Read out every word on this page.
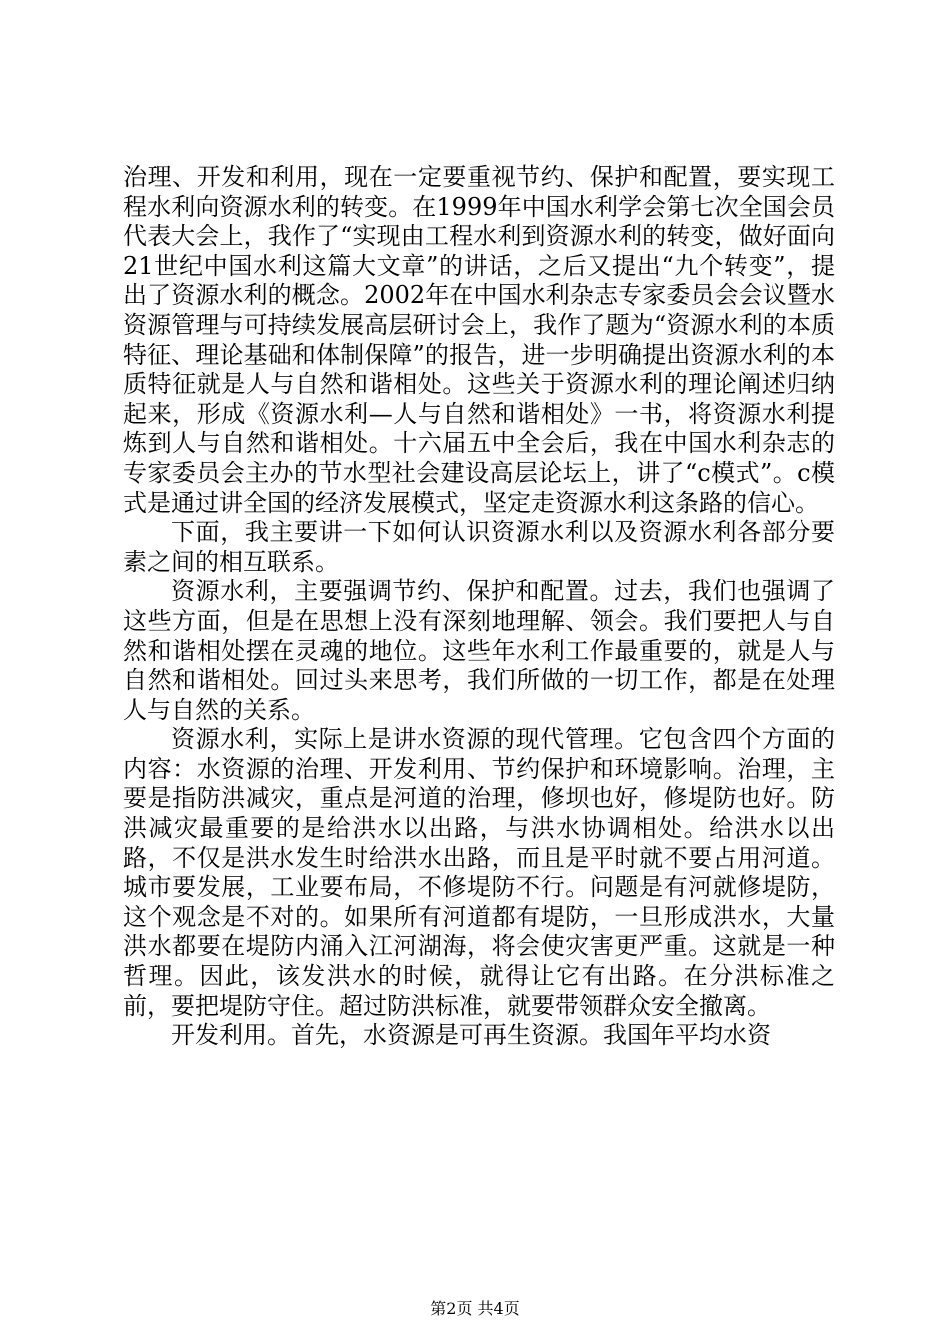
治理、开发和利用，现在一定要重视节约、保护和配置，要实现工程水利向资源水利的转变。在1999年中国水利学会第七次全国会员代表大会上，我作了“实现由工程水利到资源水利的转变，做好面向21世纪中国水利这篇大文章”的讲话，之后又提出“九个转变”，提出了资源水利的概念。2002年在中国水利杂志专家委员会会议暨水资源管理与可持续发展高层研讨会上，我作了题为“资源水利的本质特征、理论基础和体制保障”的报告，进一步明确提出资源水利的本质特征就是人与自然和谐相处。这些关于资源水利的理论阐述归纳起来，形成《资源水利—人与自然和谐相处》一书，将资源水利提炼到人与自然和谐相处。十六届五中全会后，我在中国水利杂志的专家委员会主办的节水型社会建设高层论坛上，讲了“c模式”。c模式是通过讲全国的经济发展模式，坚定走资源水利这条路的信心。

下面，我主要讲一下如何认识资源水利以及资源水利各部分要素之间的相互联系。

资源水利，主要强调节约、保护和配置。过去，我们也强调了这些方面，但是在思想上没有深刻地理解、领会。我们要把人与自然和谐相处摆在灵魂的地位。这些年水利工作最重要的，就是人与自然和谐相处。回过头来思考，我们所做的一切工作，都是在处理人与自然的关系。

资源水利，实际上是讲水资源的现代管理。它包含四个方面的内容：水资源的治理、开发利用、节约保护和环境影响。治理，主要是指防洪减灾，重点是河道的治理，修坝也好，修堤防也好。防洪减灾最重要的是给洪水以出路，与洪水协调相处。给洪水以出路，不仅是洪水发生时给洪水出路，而且是平时就不要占用河道。城市要发展，工业要布局，不修堤防不行。问题是有河就修堤防，这个观念是不对的。如果所有河道都有堤防，一旦形成洪水，大量洪水都要在堤防内涌入江河湖海，将会使灾害更严重。这就是一种哲理。因此，该发洪水的时候，就得让它有出路。在分洪标准之前，要把堤防守住。超过防洪标准，就要带领群众安全撤离。

开发利用。首先，水资源是可再生资源。我国年平均水资

第2页 共4页
